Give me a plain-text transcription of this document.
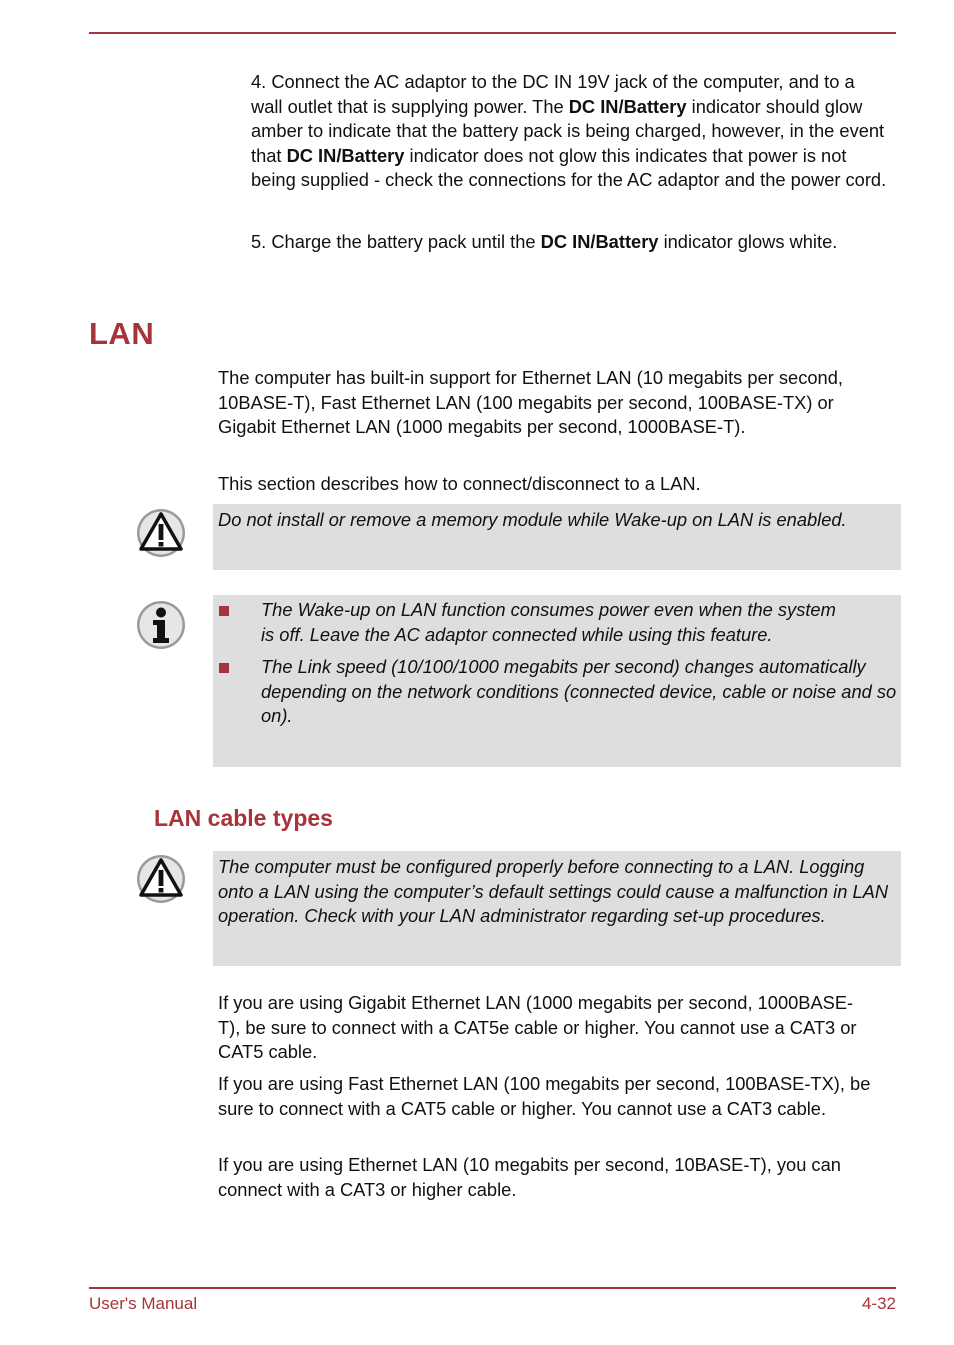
4. Connect the AC adaptor to the DC IN 19V jack of the computer, and to a wall outlet that is supplying power. The DC IN/Battery indicator should glow amber to indicate that the battery pack is being charged, however, in the event that DC IN/Battery indicator does not glow this indicates that power is not being supplied - check the connections for the AC adaptor and the power cord.

5. Charge the battery pack until the DC IN/Battery indicator glows white.

LAN

The computer has built-in support for Ethernet LAN (10 megabits per second, 10BASE-T), Fast Ethernet LAN (100 megabits per second, 100BASE-TX) or Gigabit Ethernet LAN (1000 megabits per second, 1000BASE-T).

This section describes how to connect/disconnect to a LAN.

Do not install or remove a memory module while Wake-up on LAN is enabled.
The Wake-up on LAN function consumes power even when the system is off. Leave the AC adaptor connected while using this feature.
The Link speed (10/100/1000 megabits per second) changes automatically depending on the network conditions (connected device, cable or noise and so on).
LAN cable types
The computer must be configured properly before connecting to a LAN. Logging onto a LAN using the computer’s default settings could cause a malfunction in LAN operation. Check with your LAN administrator regarding set-up procedures.

If you are using Gigabit Ethernet LAN (1000 megabits per second, 1000BASE-T), be sure to connect with a CAT5e cable or higher. You cannot use a CAT3 or CAT5 cable.

If you are using Fast Ethernet LAN (100 megabits per second, 100BASE-TX), be sure to connect with a CAT5 cable or higher. You cannot use a CAT3 cable.

If you are using Ethernet LAN (10 megabits per second, 10BASE-T), you can connect with a CAT3 or higher cable.

User's Manual	4-32
